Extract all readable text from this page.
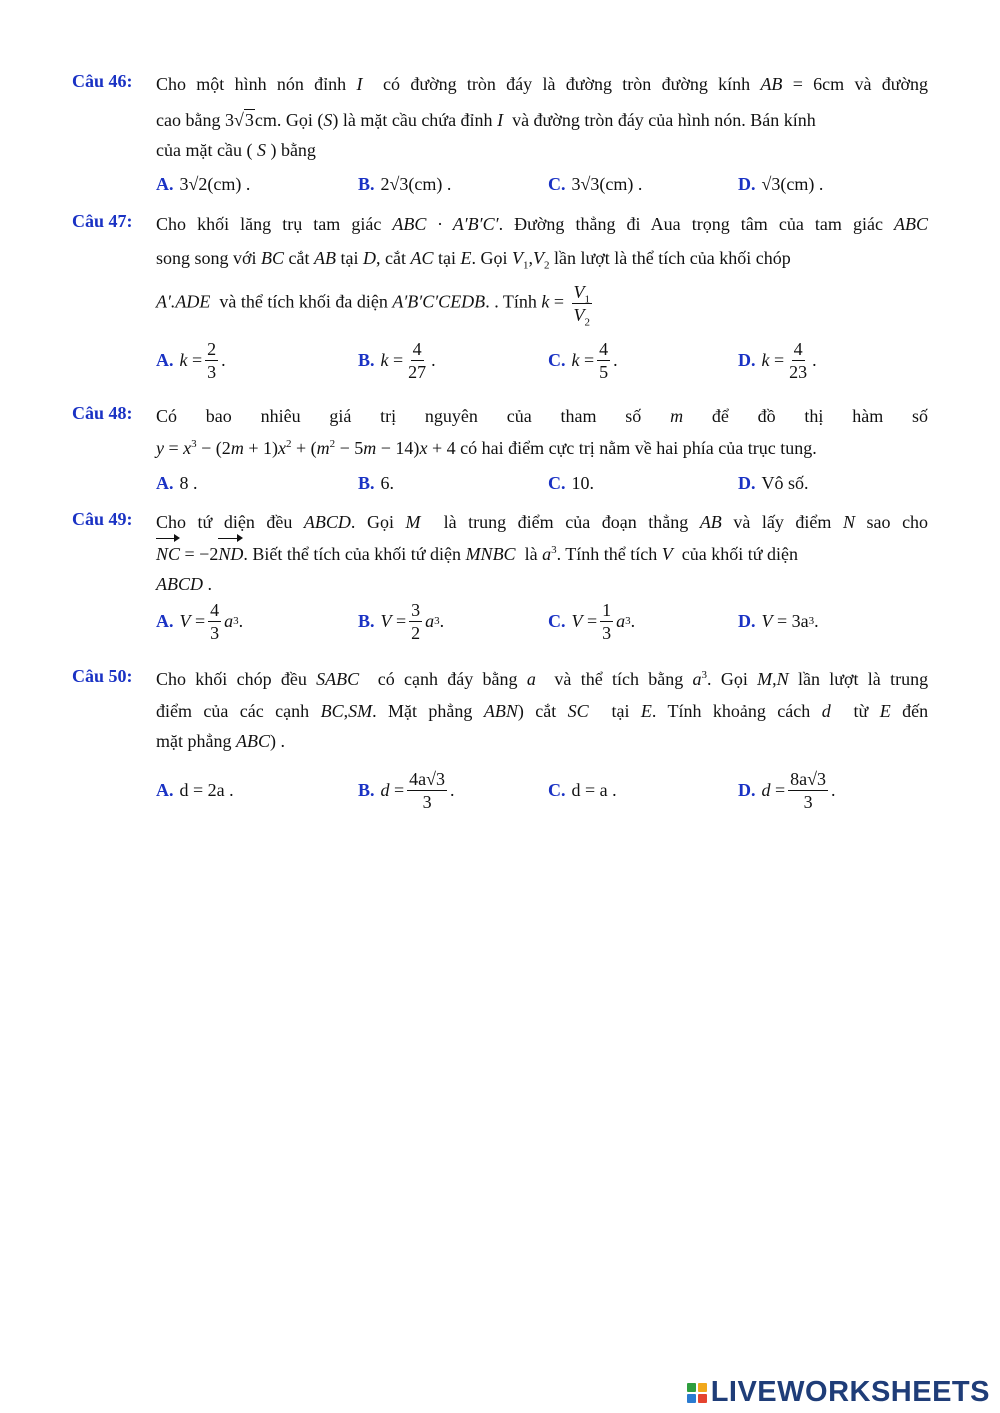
Câu 46: Cho một hình nón đỉnh I có đường tròn đáy là đường tròn đường kính AB = 6cm và đường
cao bằng 3√3cm. Gọi (S) là mặt cầu chứa đỉnh I và đường tròn đáy của hình nón. Bán kính
của mặt cầu ( S ) bằng
A. 3√2(cm) .	B. 2√3(cm) .	C. 3√3(cm) .	D. √3(cm) .
Câu 47: Cho khối lăng trụ tam giác ABC · A′B′C′. Đường thẳng đi Aua trọng tâm của tam giác ABC
song song với BC cắt AB tại D, cắt AC tại E. Gọi $V_1,V_2$ lần lượt là thể tích của khối chóp
A′.ADE và thể tích khối đa diện A′B′C′CEDB. . Tính $k = \frac{V_1}{V_2}$
A. $k = \frac{2}{3}$ .	B. $k = \frac{4}{27}$ .	C. $k = \frac{4}{5}$ .	D. $k = \frac{4}{23}$ .
Câu 48: Có bao nhiêu giá trị nguyên của tham số m để đồ thị hàm số
$y = x^3 - (2m + 1)x^2 + (m^2 - 5m - 14)x + 4$ có hai điểm cực trị nằm về hai phía của trục tung.
A. 8 .	B. 6.	C. 10.	D. Vô số.
Câu 49: Cho tứ diện đều ABCD. Gọi M là trung điểm của đoạn thẳng AB và lấy điểm N sao cho
NC = −2ND. Biết thể tích của khối tứ diện MNBC là $a^3$. Tính thể tích V của khối tứ diện
ABCD .
A. $V = \frac{4}{3}$ a 3 .	B. $V = \frac{3}{2}$ a 3 .	C. $V = \frac{1}{3}$ a 3 .	D. V = 3a 3 .
Câu 50: Cho khối chóp đều SABC có cạnh đáy bằng a và thể tích bằng $a^3$. Gọi M,N lần lượt là trung
điểm của các cạnh BC,SM. Mặt phẳng ABN) cắt SC tại E. Tính khoảng cách d từ E đến
mặt phẳng ABC) .
A. d = 2a .	B. $d = \frac{4a√3}{3}$ .	C. d = a .	D. $d = \frac{8a√3}{3}$ .
LIVEWORKSHEETS
